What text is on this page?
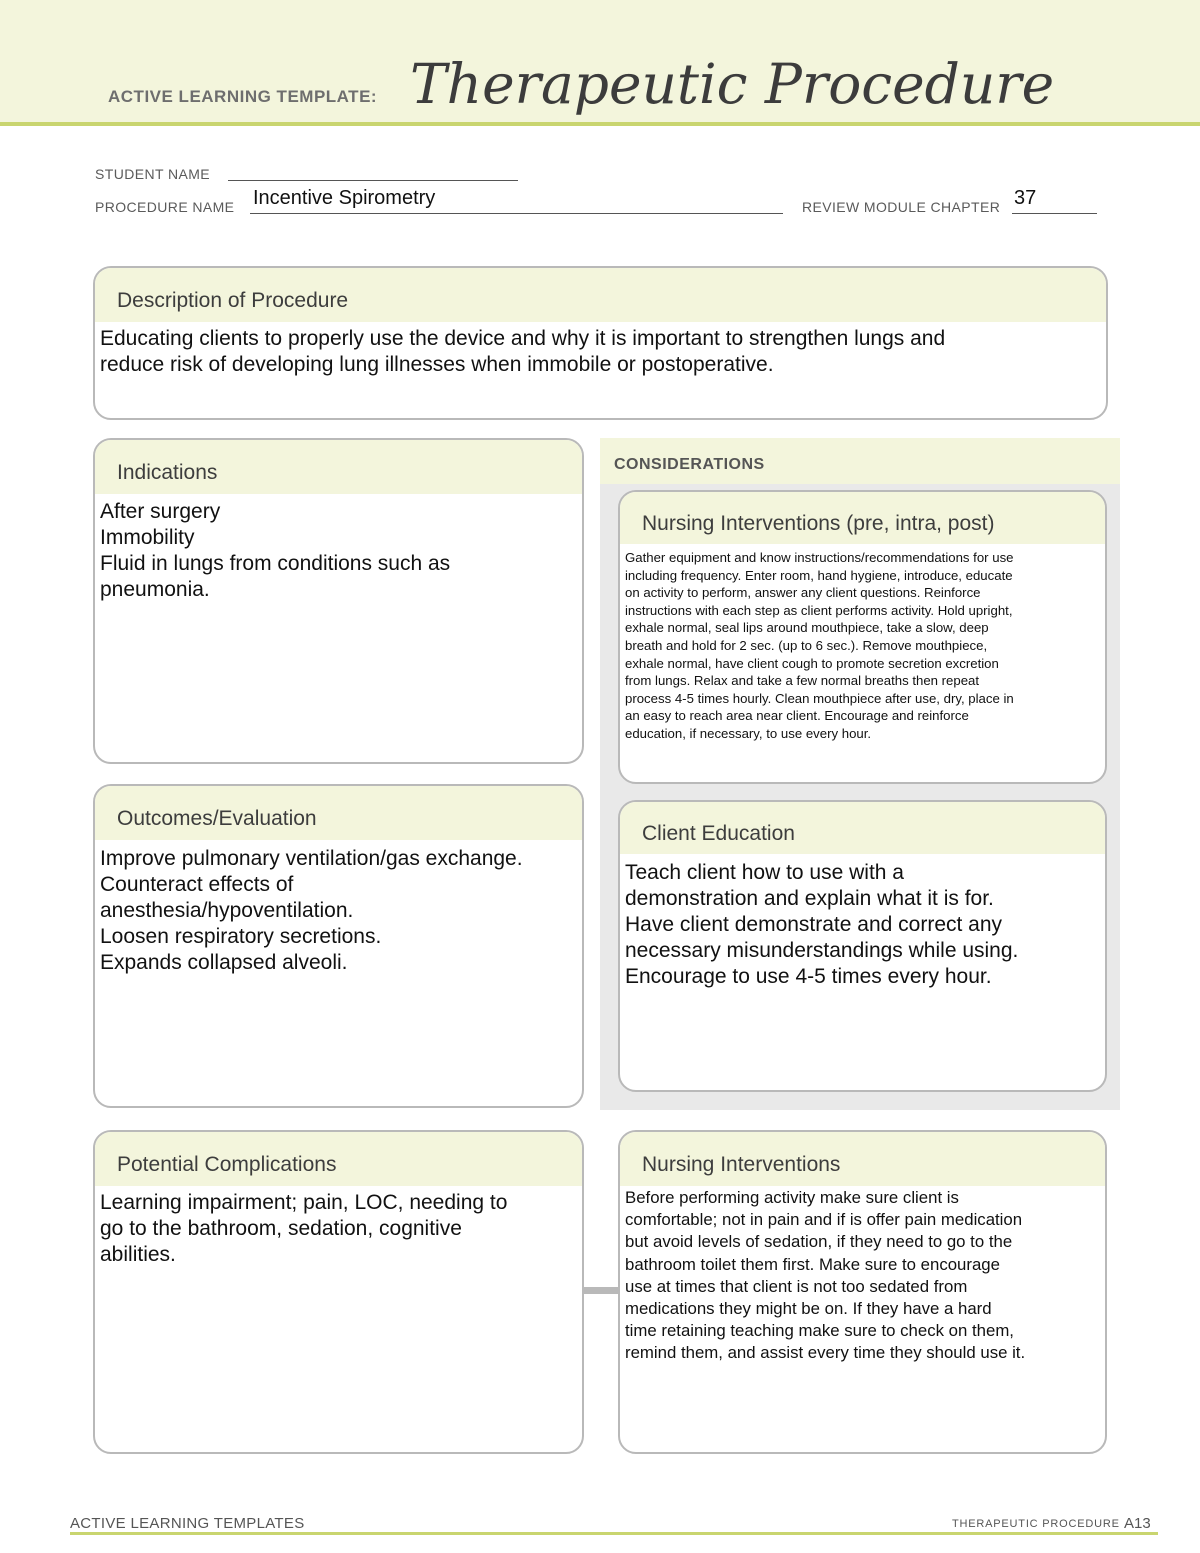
ACTIVE LEARNING TEMPLATE: Therapeutic Procedure
STUDENT NAME
PROCEDURE NAME Incentive Spirometry	REVIEW MODULE CHAPTER 37
Description of Procedure
Educating clients to properly use the device and why it is important to strengthen lungs and
reduce risk of developing lung illnesses when immobile or postoperative.
CONSIDERATIONS
Indications
After surgery
Immobility
Fluid in lungs from conditions such as
pneumonia.
Nursing Interventions (pre, intra, post)
Gather equipment and know instructions/recommendations for use
including frequency. Enter room, hand hygiene, introduce, educate
on activity to perform, answer any client questions. Reinforce
instructions with each step as client performs activity. Hold upright,
exhale normal, seal lips around mouthpiece, take a slow, deep
breath and hold for 2 sec. (up to 6 sec.). Remove mouthpiece,
exhale normal, have client cough to promote secretion excretion
from lungs. Relax and take a few normal breaths then repeat
process 4-5 times hourly. Clean mouthpiece after use, dry, place in
an easy to reach area near client. Encourage and reinforce
education, if necessary, to use every hour.
Outcomes/Evaluation
Improve pulmonary ventilation/gas exchange.
Counteract effects of
anesthesia/hypoventilation.
Loosen respiratory secretions.
Expands collapsed alveoli.
Client Education
Teach client how to use with a
demonstration and explain what it is for.
Have client demonstrate and correct any
necessary misunderstandings while using.
Encourage to use 4-5 times every hour.
Potential Complications
Learning impairment; pain, LOC, needing to
go to the bathroom, sedation, cognitive
abilities.
Nursing Interventions
Before performing activity make sure client is
comfortable; not in pain and if is offer pain medication
but avoid levels of sedation, if they need to go to the
bathroom toilet them first. Make sure to encourage
use at times that client is not too sedated from
medications they might be on. If they have a hard
time retaining teaching make sure to check on them,
remind them, and assist every time they should use it.
ACTIVE LEARNING TEMPLATES	THERAPEUTIC PROCEDURE A13
